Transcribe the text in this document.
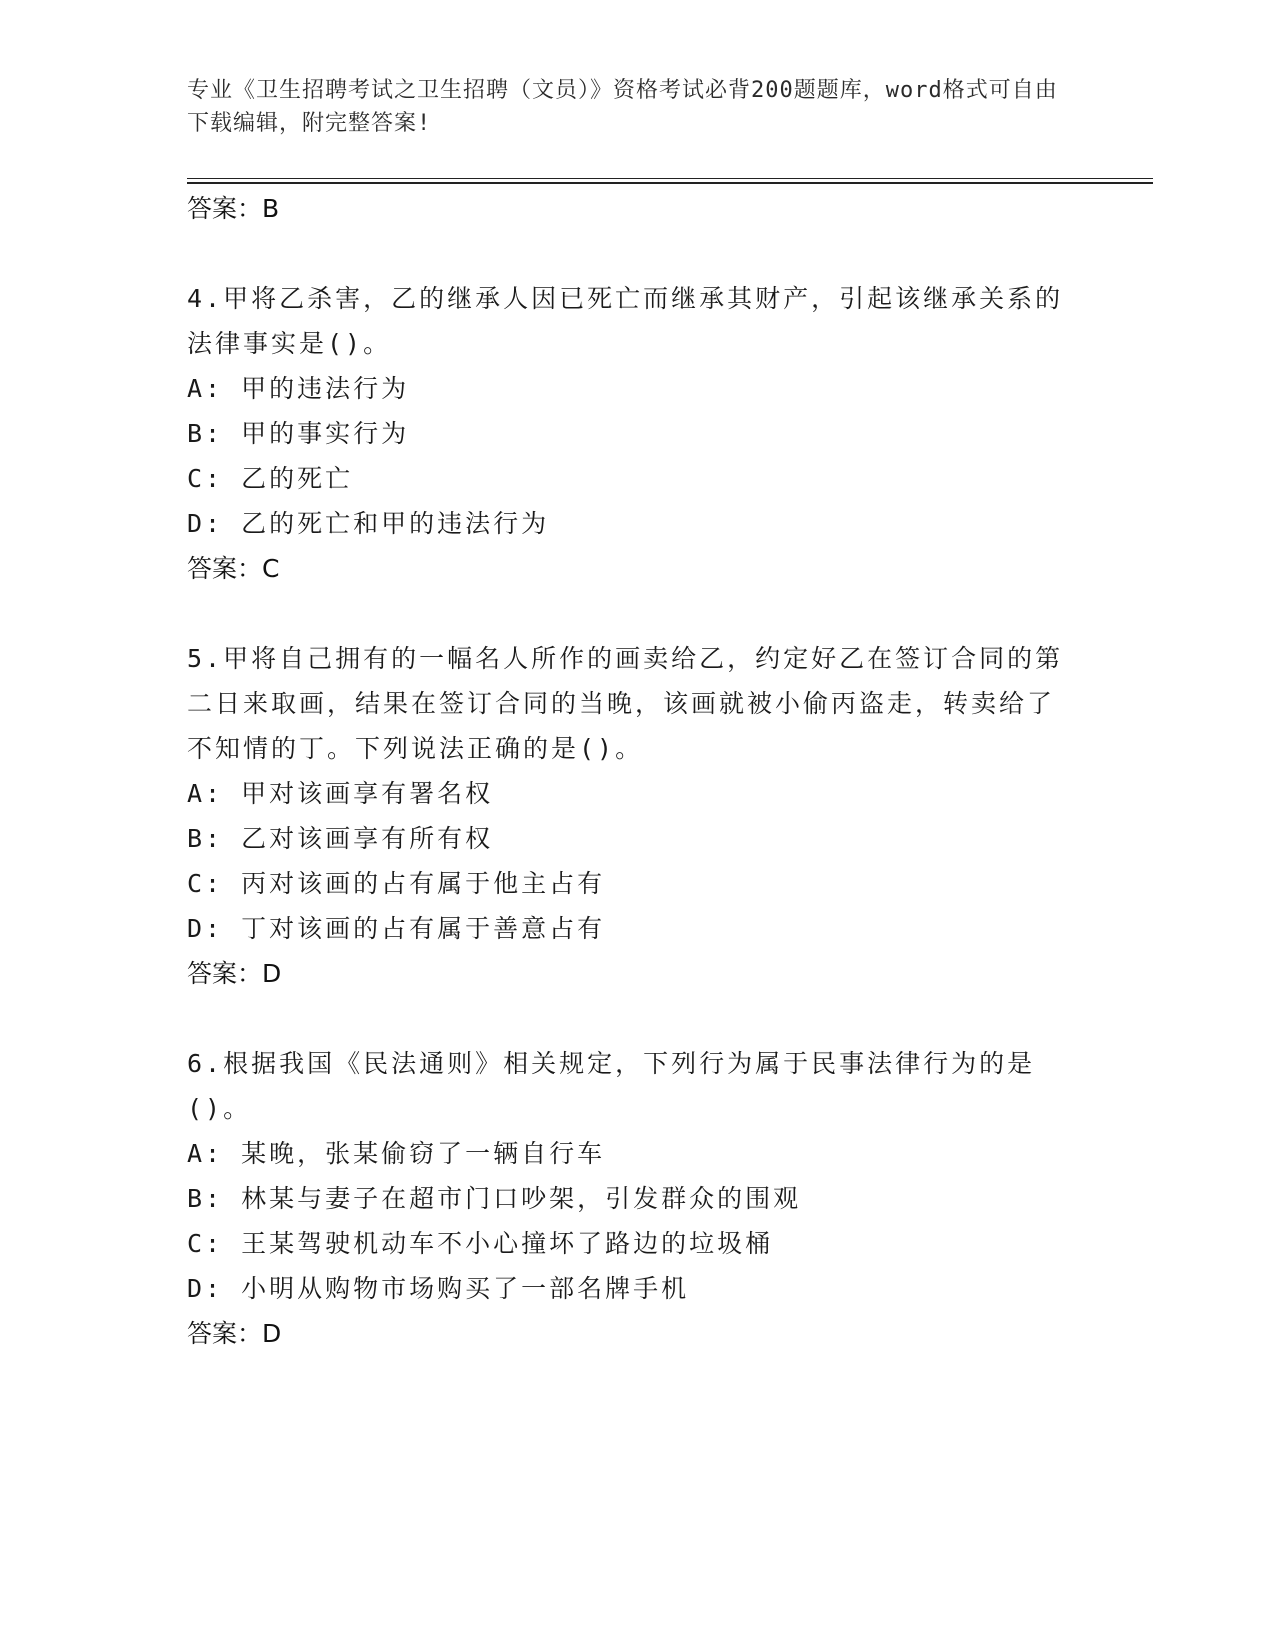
专业《卫生招聘考试之卫生招聘（文员）》资格考试必背200题题库，word格式可自由下载编辑，附完整答案!
答案：B
4.甲将乙杀害，乙的继承人因已死亡而继承其财产，引起该继承关系的法律事实是()。
A: 甲的违法行为
B: 甲的事实行为
C: 乙的死亡
D: 乙的死亡和甲的违法行为
答案：C
5.甲将自己拥有的一幅名人所作的画卖给乙，约定好乙在签订合同的第二日来取画，结果在签订合同的当晚，该画就被小偷丙盗走，转卖给了不知情的丁。下列说法正确的是()。
A: 甲对该画享有署名权
B: 乙对该画享有所有权
C: 丙对该画的占有属于他主占有
D: 丁对该画的占有属于善意占有
答案：D
6.根据我国《民法通则》相关规定，下列行为属于民事法律行为的是()。
A: 某晚，张某偷窃了一辆自行车
B: 林某与妻子在超市门口吵架，引发群众的围观
C: 王某驾驶机动车不小心撞坏了路边的垃圾桶
D: 小明从购物市场购买了一部名牌手机
答案：D
